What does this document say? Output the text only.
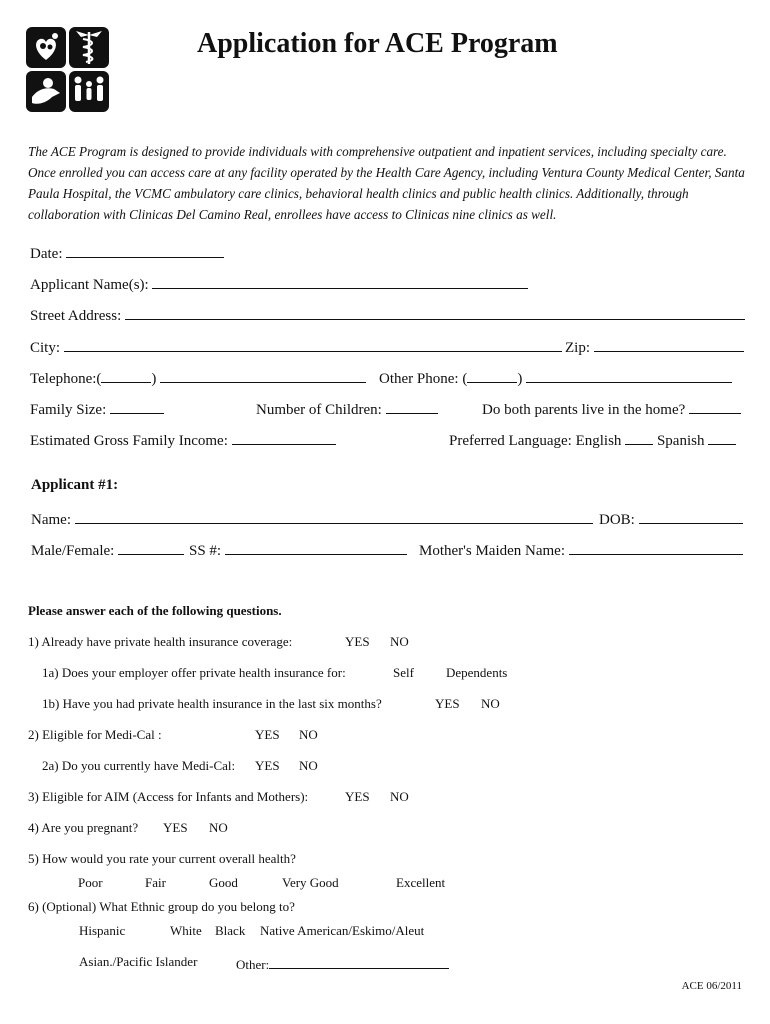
Application for ACE Program
The ACE Program is designed to provide individuals with comprehensive outpatient and inpatient services, including specialty care. Once enrolled you can access care at any facility operated by the Health Care Agency, including Ventura County Medical Center, Santa Paula Hospital, the VCMC ambulatory care clinics, behavioral health clinics and public health clinics. Additionally, through collaboration with Clinicas Del Camino Real, enrollees have access to Clinicas nine clinics as well.
Date:
Applicant Name(s):
Street Address:
City:	Zip:
Telephone:(	)	Other Phone: (	)
Family Size:	Number of Children:	Do both parents live in the home?
Estimated Gross Family Income:	Preferred Language: English Spanish
Applicant #1:
Name:	DOB:
Male/Female:	SS #:	Mother's Maiden Name:
Please answer each of the following questions.
1) Already have private health insurance coverage:	YES NO
1a) Does your employer offer private health insurance for:	Self Dependents
1b) Have you had private health insurance in the last six months?	YES NO
2) Eligible for Medi-Cal :	YES NO
2a) Do you currently have Medi-Cal: YES NO
3) Eligible for AIM (Access for Infants and Mothers):	YES NO
4) Are you pregnant? YES NO
5) How would you rate your current overall health?
Poor	Fair	Good	Very Good	Excellent
6) (Optional) What Ethnic group do you belong to?
Hispanic	White Black Native American/Eskimo/Aleut
Asian./Pacific Islander	Other:
ACE 06/2011
